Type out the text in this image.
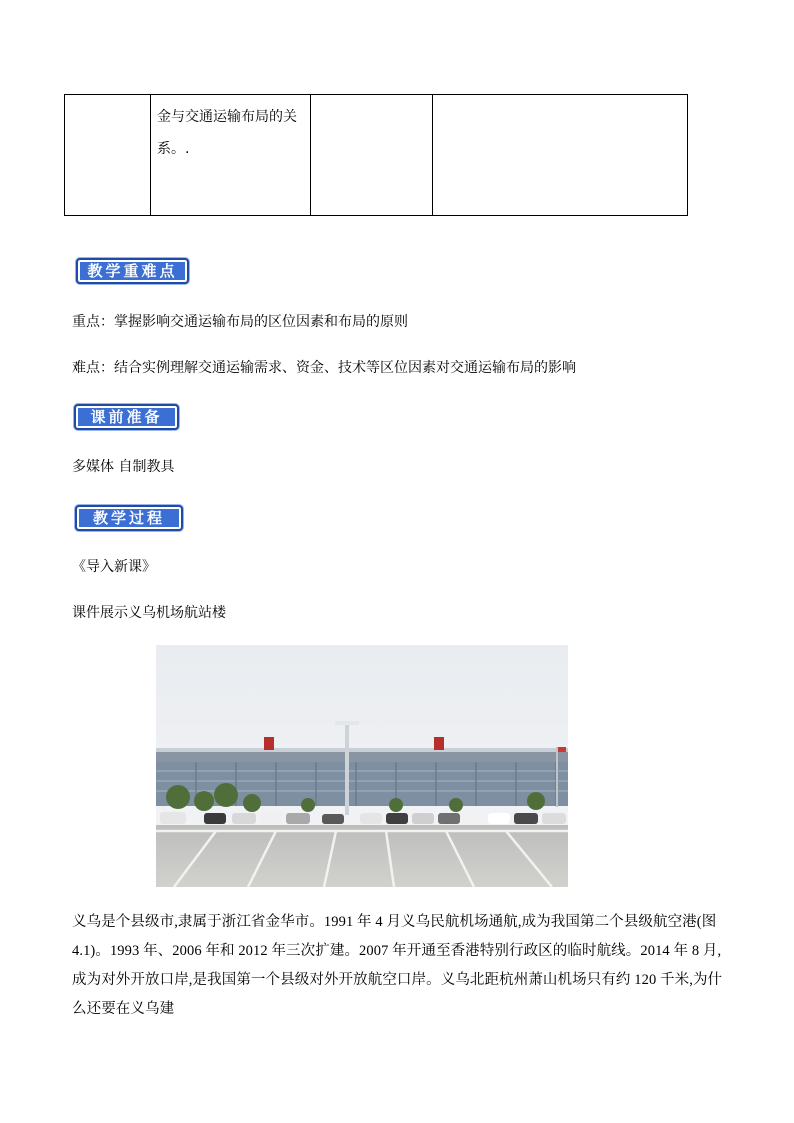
金与交通运输布局的关系。.
教学重难点
重点：掌握影响交通运输布局的区位因素和布局的原则
难点：结合实例理解交通运输需求、资金、技术等区位因素对交通运输布局的影响
课前准备
多媒体 自制教具
教学过程
《导入新课》
课件展示义乌机场航站楼
义乌是个县级市,隶属于浙江省金华市。1991 年 4 月义乌民航机场通航,成为我国第二个县级航空港(图 4.1)。1993 年、2006 年和 2012 年三次扩建。2007 年开通至香港特别行政区的临时航线。2014 年 8 月,成为对外开放口岸,是我国第一个县级对外开放航空口岸。义乌北距杭州萧山机场只有约 120 千米,为什么还要在义乌建
